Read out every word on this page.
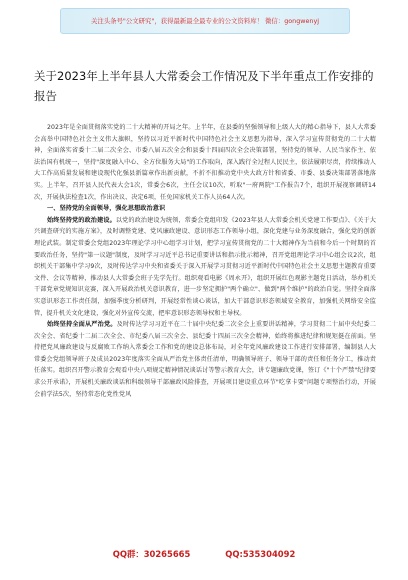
关注头条号"公文研究"，获得最新最全最专业的公文资料库！ 微信：gongwenyj
关于2023年上半年县人大常委会工作情况及下半年重点工作安排的报告

2023年是全面贯彻落实党的二十大精神的开局之年。上半年，在县委的坚强领导和上级人大的精心指导下，县人大常委会高举中国特色社会主义伟大旗帜，坚持以习近平新时代中国特色社会主义思想为指导，深入学习宣传贯彻党的二十大精神，全面落实省委十二届二次全会、市委八届五次全会和县委十四届四次全会决策部署，坚持党的领导、人民当家作主、依法治国有机统一，坚持"深度融入中心、全方位服务大局"的工作取向，深入践行全过程人民民主，依法履职尽责，持续推动人大工作高质量发展和建设现代化强县新篇章作出新贡献，不折不扣推动党中央大政方针和省委、市委、县委决策部署落地落实。上半年，召开县人民代表大会1次，常委会6次，主任会议10次，听取"一府两院"工作报告7个，组织开展视察调研14次，开展执法检查1次，作出决议、决定6项，任免国家机关工作人员64人次。

一、坚持党的全面领导，强化思想政治意识

始终坚持党的政治建设。以党的政治建设为统领，常委会党组印发《2023年县人大常委会机关党建工作要点》、《关于大兴调查研究的实施方案》，及时调整党建、党风廉政建设、意识形态工作领导小组，深化党建与业务深度融合，强化党的创新理论武装。制定常委会党组2023年理论学习中心组学习计划，把学习宣传贯彻党的二十大精神作为当前和今后一个时期的首要政治任务，坚持"第一议题"制度，及时学习习近平总书记重要讲话和指示批示精神，召开党组理论学习中心组会议2次，组织机关干部集中学习9次，及时传达学习中央和省委关于深入开展学习贯彻习近平新时代中国特色社会主义思想主题教育重要文件、会议等精神，推动县人大常委会班子先学先行。组织观看电影《周永开》，组织开展红色观影主题党日活动，举办机关干部党章党规知识竞赛，深入开展政治机关意识教育，进一步坚定拥护"两个确立"、做到"两个维护"的政治自觉。坚持全面落实意识形态工作责任制，加强季度分析研判，开展经常性谈心谈话，加大干部意识形态领域安全教育，加强机关网络安全监管，提升机关文化建设，强化对外宣传交流，把牢意识形态领导权和主导权。

始终坚持全面从严治党。及时传达学习习近平在二十届中央纪委二次全会上重要讲话精神，学习贯彻二十届中央纪委二次全会、省纪委十二届二次全会、市纪委八届三次全会、县纪委十四届三次全会精神，始终将推进纪律和规矩挺在前面。坚持把党风廉政建设与反腐败工作纳入常委会工作和党的建设总体布局，对全年党风廉政建设工作进行安排部署，编制县人大常委会党组领导班子及成员2023年度落实全面从严治党主体责任清单，明确领导班子、领导干部的责任和任务分工，推动责任落实。组织召开警示教育会观看中央八项规定精神情况谈话讨等警示教育大会，讲专题廉政党课，签订《"十个严禁"纪律要求公开承诺》，开展机关廉政谈话和科级领导干部廉政风险排查，开展项目建设重点环节"吃拿卡要"问题专项整治行动，开展会前学法5次，坚持常态化党性党风

QQ群：30265665	QQ:535304092
